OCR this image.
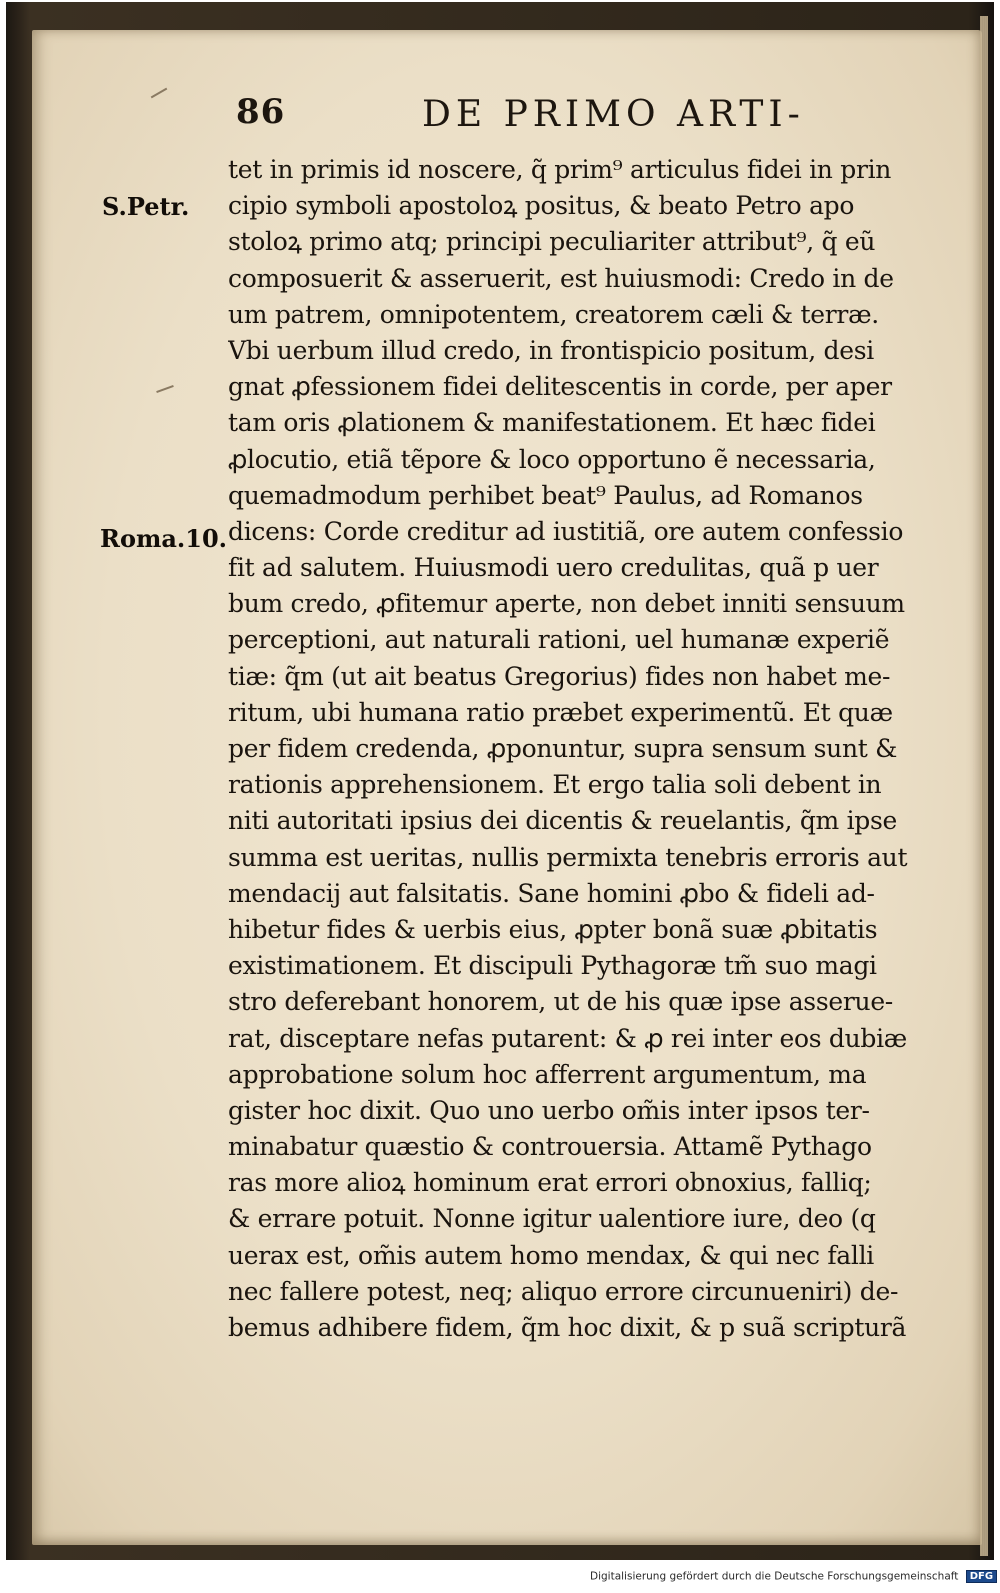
86	DE PRIMO ARTI-
S.Petr.
Roma.10.
tet in primis id noscere, q̃ prim⁹ articulus fidei in prin
cipio symboli apostoloꝝ positus, & beato Petro apo
stoloꝝ primo atq; principi peculiariter attribut⁹, q̃ eũ
composuerit & asseruerit, est huiusmodi: Credo in de
um patrem, omnipotentem, creatorem cæli & terræ.
Vbi uerbum illud credo, in frontispicio positum, desi
gnat ꝓfessionem fidei delitescentis in corde, per aper
tam oris ꝓlationem & manifestationem. Et hæc fidei
ꝓlocutio, etiã tẽpore & loco opportuno ẽ necessaria,
quemadmodum perhibet beat⁹ Paulus, ad Romanos
dicens: Corde creditur ad iustitiã, ore autem confessio
fit ad salutem. Huiusmodi uero credulitas, quã p uer
bum credo, ꝓfitemur aperte, non debet inniti sensuum
perceptioni, aut naturali rationi, uel humanæ experiẽ
tiæ: q̃m (ut ait beatus Gregorius) fides non habet me-
ritum, ubi humana ratio præbet experimentũ. Et quæ
per fidem credenda, ꝓponuntur, supra sensum sunt &
rationis apprehensionem. Et ergo talia soli debent in
niti autoritati ipsius dei dicentis & reuelantis, q̃m ipse
summa est ueritas, nullis permixta tenebris erroris aut
mendacij aut falsitatis. Sane homini ꝓbo & fideli ad-
hibetur fides & uerbis eius, ꝓpter bonã suæ ꝓbitatis
existimationem. Et discipuli Pythagoræ tm̃ suo magi
stro deferebant honorem, ut de his quæ ipse asserue-
rat, disceptare nefas putarent: & ꝓ rei inter eos dubiæ
approbatione solum hoc afferrent argumentum, ma
gister hoc dixit. Quo uno uerbo om̃is inter ipsos ter-
minabatur quæstio & controuersia. Attamẽ Pythago
ras more alioꝝ hominum erat errori obnoxius, falliq;
& errare potuit. Nonne igitur ualentiore iure, deo (q
uerax est, om̃is autem homo mendax, & qui nec falli
nec fallere potest, neq; aliquo errore circunueniri) de-
bemus adhibere fidem, q̃m hoc dixit, & p suã scripturã
Digitalisierung gefördert durch die Deutsche Forschungsgemeinschaft DFG
